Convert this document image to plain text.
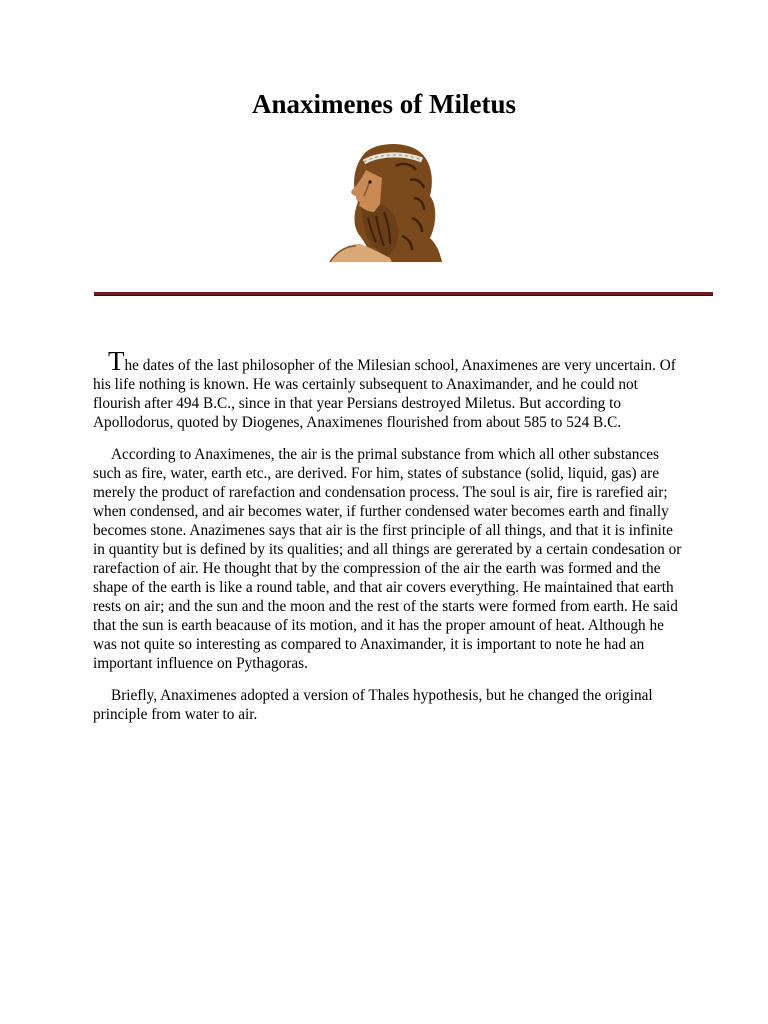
Anaximenes of Miletus

The dates of the last philosopher of the Milesian school, Anaximenes are very uncertain. Of his life nothing is known. He was certainly subsequent to Anaximander, and he could not flourish after 494 B.C., since in that year Persians destroyed Miletus. But according to Apollodorus, quoted by Diogenes, Anaximenes flourished from about 585 to 524 B.C.

According to Anaximenes, the air is the primal substance from which all other substances such as fire, water, earth etc., are derived. For him, states of substance (solid, liquid, gas) are merely the product of rarefaction and condensation process. The soul is air, fire is rarefied air; when condensed, and air becomes water, if further condensed water becomes earth and finally becomes stone. Anazimenes says that air is the first principle of all things, and that it is infinite in quantity but is defined by its qualities; and all things are gererated by a certain condesation or rarefaction of air. He thought that by the compression of the air the earth was formed and the shape of the earth is like a round table, and that air covers everything. He maintained that earth rests on air; and the sun and the moon and the rest of the starts were formed from earth. He said that the sun is earth beacause of its motion, and it has the proper amount of heat. Although he was not quite so interesting as compared to Anaximander, it is important to note he had an important influence on Pythagoras.

Briefly, Anaximenes adopted a version of Thales hypothesis, but he changed the original principle from water to air.
